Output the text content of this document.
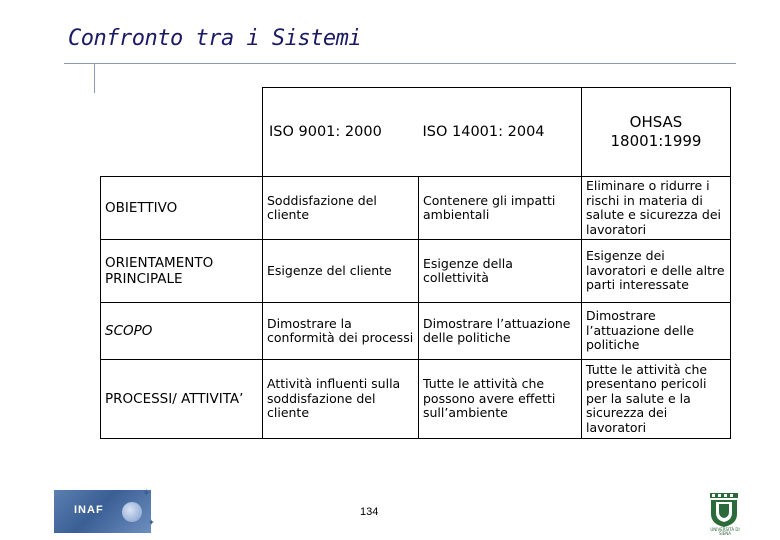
Confronto tra i Sistemi
	ISO 9001: 2000	ISO 14001: 2004	OHSAS 18001:1999
OBIETTIVO	Soddisfazione del cliente	Contenere gli impatti ambientali	Eliminare o ridurre i rischi in materia di salute e sicurezza dei lavoratori
ORIENTAMENTO PRINCIPALE	Esigenze del cliente	Esigenze della collettività	Esigenze dei lavoratori e delle altre parti interessate
SCOPO	Dimostrare la conformità dei processi	Dimostrare l’attuazione delle politiche	Dimostrare l’attuazione delle politiche
PROCESSI/ ATTIVITA’	Attività influenti sulla soddisfazione del cliente	Tutte le attività che possono avere effetti sull’ambiente	Tutte le attività che presentano pericoli per la salute e la sicurezza dei lavoratori
INAF
✦
✦
134
UNIVERSITÀ DI SIENA
